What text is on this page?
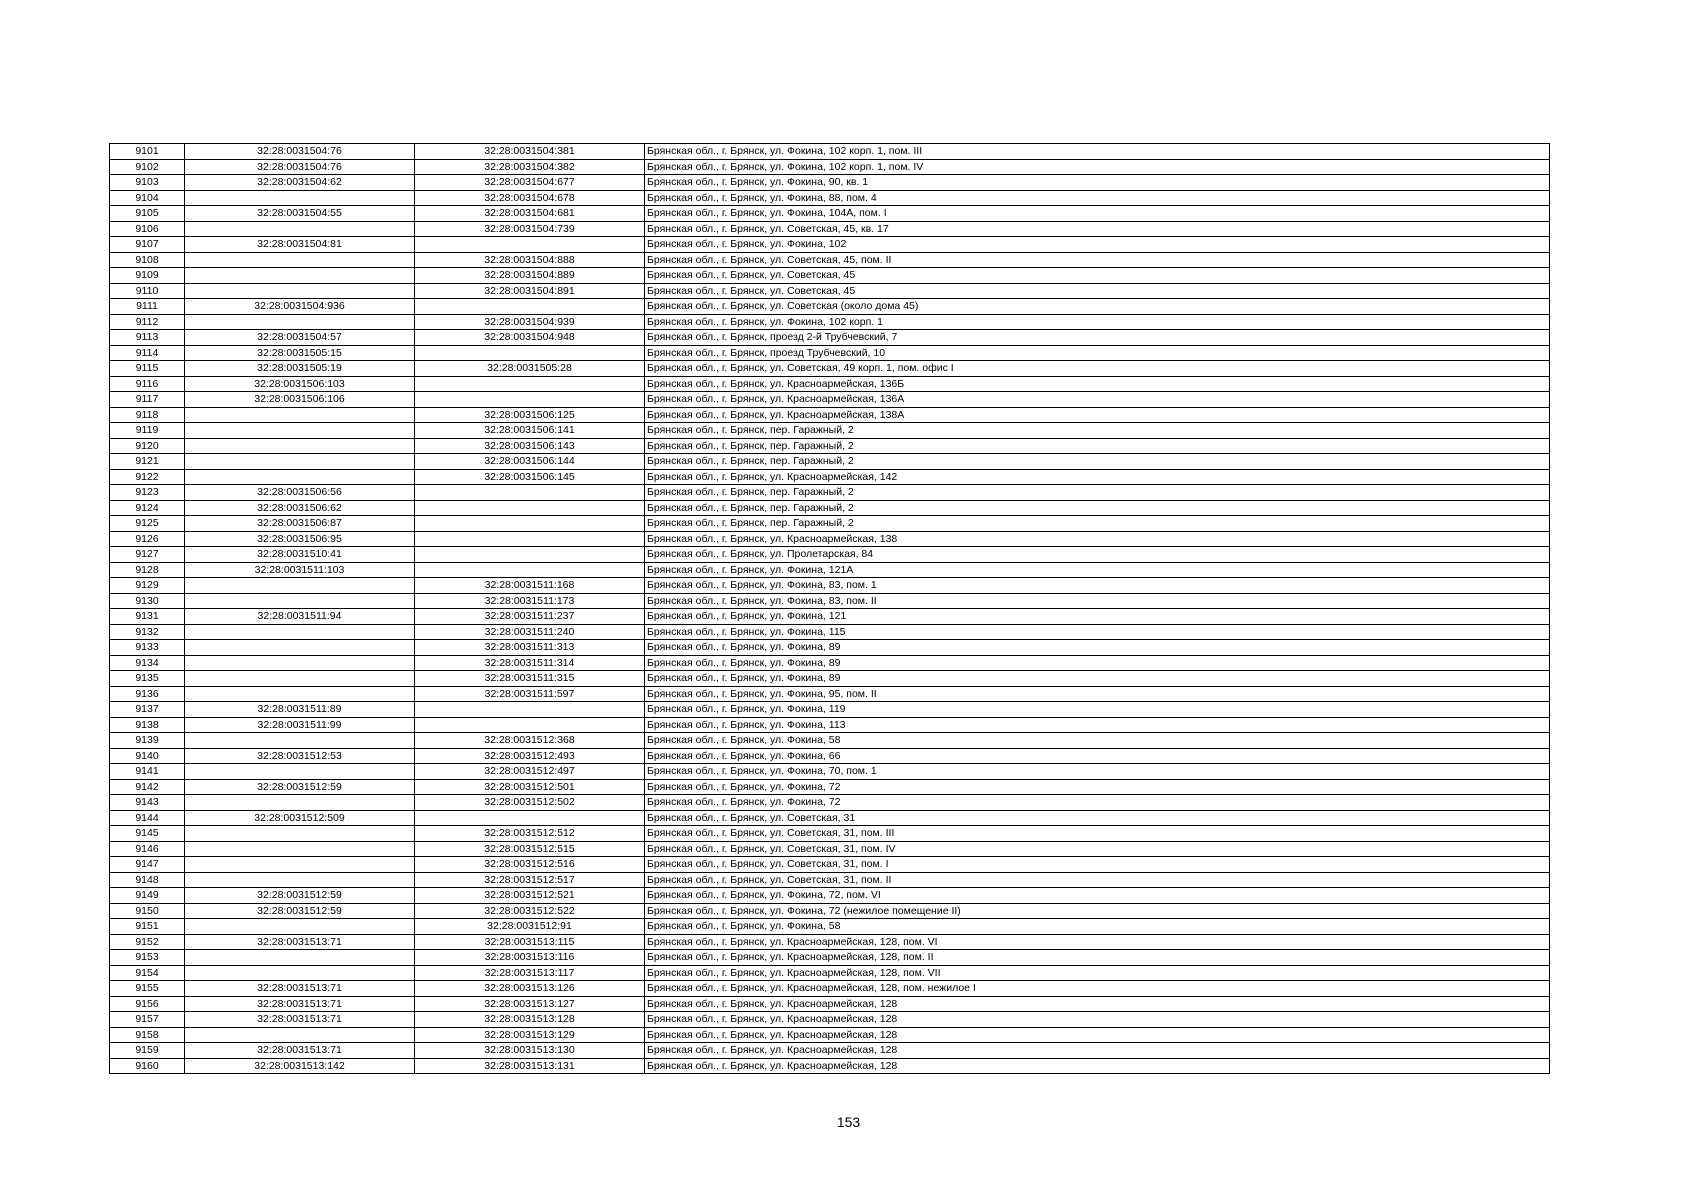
9101	32:28:0031504:76	32:28:0031504:381	Брянская обл., г. Брянск, ул. Фокина, 102 корп. 1, пом. III
9102	32:28:0031504:76	32:28:0031504:382	Брянская обл., г. Брянск, ул. Фокина, 102 корп. 1, пом. IV
9103	32:28:0031504:62	32:28:0031504:677	Брянская обл., г. Брянск, ул. Фокина, 90, кв. 1
9104		32:28:0031504:678	Брянская обл., г. Брянск, ул. Фокина, 88, пом. 4
9105	32:28:0031504:55	32:28:0031504:681	Брянская обл., г. Брянск, ул. Фокина, 104А, пом. I
9106		32:28:0031504:739	Брянская обл., г. Брянск, ул. Советская, 45, кв. 17
9107	32:28:0031504:81		Брянская обл., г. Брянск, ул. Фокина, 102
9108		32:28:0031504:888	Брянская обл., г. Брянск, ул. Советская, 45, пом. II
9109		32:28:0031504:889	Брянская обл., г. Брянск, ул. Советская, 45
9110		32:28:0031504:891	Брянская обл., г. Брянск, ул. Советская, 45
9111	32:28:0031504:936		Брянская обл., г. Брянск, ул. Советская (около дома 45)
9112		32:28:0031504:939	Брянская обл., г. Брянск, ул. Фокина, 102 корп. 1
9113	32:28:0031504:57	32:28:0031504:948	Брянская обл., г. Брянск, проезд 2-й Трубчевский, 7
9114	32:28:0031505:15		Брянская обл., г. Брянск, проезд Трубчевский, 10
9115	32:28:0031505:19	32:28:0031505:28	Брянская обл., г. Брянск, ул. Советская, 49 корп. 1, пом. офис I
9116	32:28:0031506:103		Брянская обл., г. Брянск, ул. Красноармейская, 136Б
9117	32:28:0031506:106		Брянская обл., г. Брянск, ул. Красноармейская, 136А
9118		32:28:0031506:125	Брянская обл., г. Брянск, ул. Красноармейская, 138А
9119		32:28:0031506:141	Брянская обл., г. Брянск, пер. Гаражный, 2
9120		32:28:0031506:143	Брянская обл., г. Брянск, пер. Гаражный, 2
9121		32:28:0031506:144	Брянская обл., г. Брянск, пер. Гаражный, 2
9122		32:28:0031506:145	Брянская обл., г. Брянск, ул. Красноармейская, 142
9123	32:28:0031506:56		Брянская обл., г. Брянск, пер. Гаражный, 2
9124	32:28:0031506:62		Брянская обл., г. Брянск, пер. Гаражный, 2
9125	32:28:0031506:87		Брянская обл., г. Брянск, пер. Гаражный, 2
9126	32:28:0031506:95		Брянская обл., г. Брянск, ул. Красноармейская, 138
9127	32:28:0031510:41		Брянская обл., г. Брянск, ул. Пролетарская, 84
9128	32:28:0031511:103		Брянская обл., г. Брянск, ул. Фокина, 121А
9129		32:28:0031511:168	Брянская обл., г. Брянск, ул. Фокина, 83, пом. 1
9130		32:28:0031511:173	Брянская обл., г. Брянск, ул. Фокина, 83, пом. II
9131	32:28:0031511:94	32:28:0031511:237	Брянская обл., г. Брянск, ул. Фокина, 121
9132		32:28:0031511:240	Брянская обл., г. Брянск, ул. Фокина, 115
9133		32:28:0031511:313	Брянская обл., г. Брянск, ул. Фокина, 89
9134		32:28:0031511:314	Брянская обл., г. Брянск, ул. Фокина, 89
9135		32:28:0031511:315	Брянская обл., г. Брянск, ул. Фокина, 89
9136		32:28:0031511:597	Брянская обл., г. Брянск, ул. Фокина, 95, пом. II
9137	32:28:0031511:89		Брянская обл., г. Брянск, ул. Фокина, 119
9138	32:28:0031511:99		Брянская обл., г. Брянск, ул. Фокина, 113
9139		32:28:0031512:368	Брянская обл., г. Брянск, ул. Фокина, 58
9140	32:28:0031512:53	32:28:0031512:493	Брянская обл., г. Брянск, ул. Фокина, 66
9141		32:28:0031512:497	Брянская обл., г. Брянск, ул. Фокина, 70, пом. 1
9142	32:28:0031512:59	32:28:0031512:501	Брянская обл., г. Брянск, ул. Фокина, 72
9143		32:28:0031512:502	Брянская обл., г. Брянск, ул. Фокина, 72
9144	32:28:0031512:509		Брянская обл., г. Брянск, ул. Советская, 31
9145		32:28:0031512:512	Брянская обл., г. Брянск, ул. Советская, 31, пом. III
9146		32:28:0031512:515	Брянская обл., г. Брянск, ул. Советская, 31, пом. IV
9147		32:28:0031512:516	Брянская обл., г. Брянск, ул. Советская, 31, пом. I
9148		32:28:0031512:517	Брянская обл., г. Брянск, ул. Советская, 31, пом. II
9149	32:28:0031512:59	32:28:0031512:521	Брянская обл., г. Брянск, ул. Фокина, 72, пом. VI
9150	32:28:0031512:59	32:28:0031512:522	Брянская обл., г. Брянск, ул. Фокина, 72 (нежилое помещение II)
9151		32:28:0031512:91	Брянская обл., г. Брянск, ул. Фокина, 58
9152	32:28:0031513:71	32:28:0031513:115	Брянская обл., г. Брянск, ул. Красноармейская, 128, пом. VI
9153		32:28:0031513:116	Брянская обл., г. Брянск, ул. Красноармейская, 128, пом. II
9154		32:28:0031513:117	Брянская обл., г. Брянск, ул. Красноармейская, 128, пом. VII
9155	32:28:0031513:71	32:28:0031513:126	Брянская обл., г. Брянск, ул. Красноармейская, 128, пом. нежилое I
9156	32:28:0031513:71	32:28:0031513:127	Брянская обл., г. Брянск, ул. Красноармейская, 128
9157	32:28:0031513:71	32:28:0031513:128	Брянская обл., г. Брянск, ул. Красноармейская, 128
9158		32:28:0031513:129	Брянская обл., г. Брянск, ул. Красноармейская, 128
9159	32:28:0031513:71	32:28:0031513:130	Брянская обл., г. Брянск, ул. Красноармейская, 128
9160	32:28:0031513:142	32:28:0031513:131	Брянская обл., г. Брянск, ул. Красноармейская, 128
153
